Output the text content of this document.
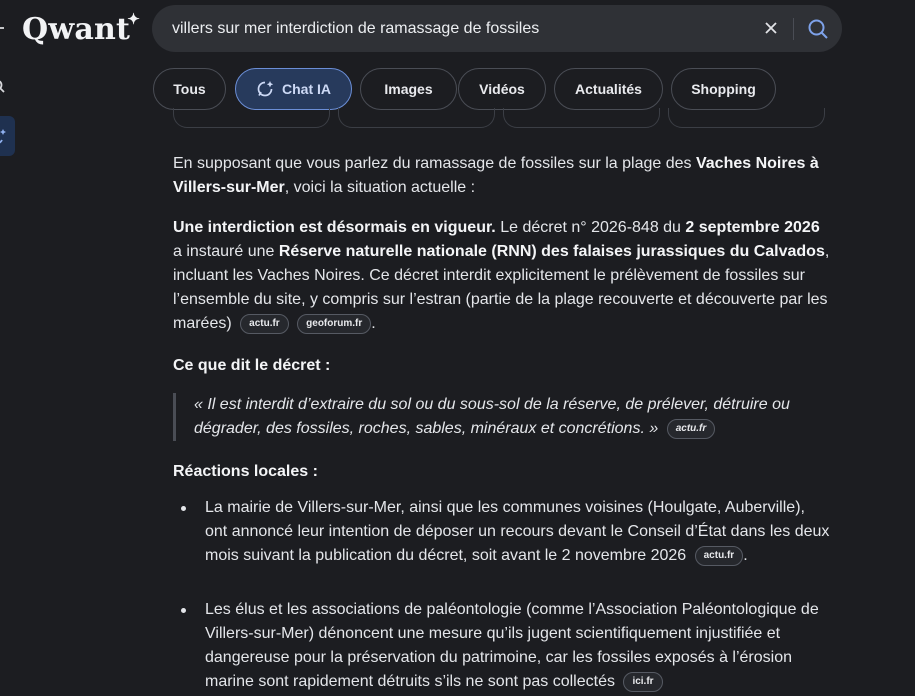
Qwant
✦
villers sur mer interdiction de ramassage de fossiles
Tous	Chat IA	Images	Vidéos	Actualités	Shopping
En supposant que vous parlez du ramassage de fossiles sur la plage des Vaches Noires à Villers-sur-Mer, voici la situation actuelle :
Une interdiction est désormais en vigueur. Le décret n° 2026-848 du 2 septembre 2026 a instauré une Réserve naturelle nationale (RNN) des falaises jurassiques du Calvados, incluant les Vaches Noires. Ce décret interdit explicitement le prélèvement de fossiles sur l’ensemble du site, y compris sur l’estran (partie de la plage recouverte et découverte par les marées) actu.fr	geoforum.fr .
Ce que dit le décret :
« Il est interdit d’extraire du sol ou du sous-sol de la réserve, de prélever, détruire ou dégrader, des fossiles, roches, sables, minéraux et concrétions. » actu.fr
Réactions locales :
La mairie de Villers-sur-Mer, ainsi que les communes voisines (Houlgate, Auberville), ont annoncé leur intention de déposer un recours devant le Conseil d’État dans les deux mois suivant la publication du décret, soit avant le 2 novembre 2026 actu.fr .
Les élus et les associations de paléontologie (comme l’Association Paléontologique de Villers-sur-Mer) dénoncent une mesure qu’ils jugent scientifiquement injustifiée et dangereuse pour la préservation du patrimoine, car les fossiles exposés à l’érosion marine sont rapidement détruits s’ils ne sont pas collectés ici.fr
